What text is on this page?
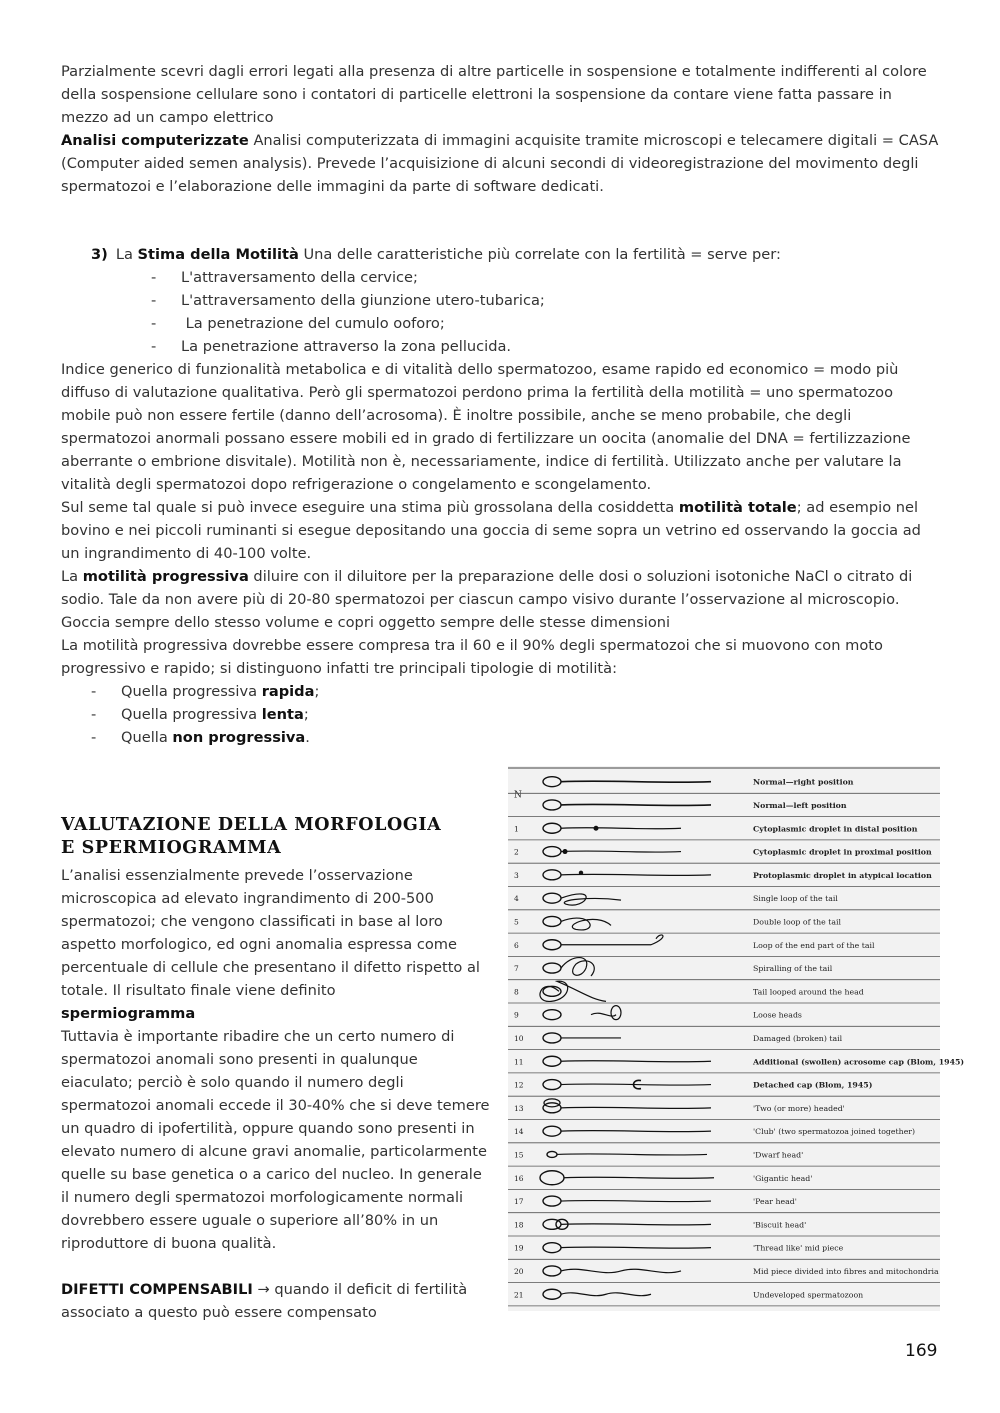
Parzialmente scevri dagli errori legati alla presenza di altre particelle in sospensione e totalmente indifferenti al colore della sospensione cellulare sono i contatori di particelle elettroni la sospensione da contare viene fatta passare in mezzo ad un campo elettrico

Analisi computerizzate Analisi computerizzata di immagini acquisite tramite microscopi e telecamere digitali = CASA (Computer aided semen analysis). Prevede l’acquisizione di alcuni secondi di videoregistrazione del movimento degli spermatozoi e l’elaborazione delle immagini da parte di software dedicati.

3) La Stima della Motilità Una delle caratteristiche più correlate con la fertilità = serve per:

- L'attraversamento della cervice;
- L'attraversamento della giunzione utero-tubarica;
- La penetrazione del cumulo ooforo;
- La penetrazione attraverso la zona pellucida.

Indice generico di funzionalità metabolica e di vitalità dello spermatozoo, esame rapido ed economico = modo più diffuso di valutazione qualitativa. Però gli spermatozoi perdono prima la fertilità della motilità = uno spermatozoo mobile può non essere fertile (danno dell’acrosoma). È inoltre possibile, anche se meno probabile, che degli spermatozoi anormali possano essere mobili ed in grado di fertilizzare un oocita (anomalie del DNA = fertilizzazione aberrante o embrione disvitale). Motilità non è, necessariamente, indice di fertilità. Utilizzato anche per valutare la vitalità degli spermatozoi dopo refrigerazione o congelamento e scongelamento.

Sul seme tal quale si può invece eseguire una stima più grossolana della cosiddetta motilità totale; ad esempio nel bovino e nei piccoli ruminanti si esegue depositando una goccia di seme sopra un vetrino ed osservando la goccia ad un ingrandimento di 40-100 volte.

La motilità progressiva diluire con il diluitore per la preparazione delle dosi o soluzioni isotoniche NaCl o citrato di sodio. Tale da non avere più di 20-80 spermatozoi per ciascun campo visivo durante l’osservazione al microscopio. Goccia sempre dello stesso volume e copri oggetto sempre delle stesse dimensioni

La motilità progressiva dovrebbe essere compresa tra il 60 e il 90% degli spermatozoi che si muovono con moto progressivo e rapido; si distinguono infatti tre principali tipologie di motilità:

- Quella progressiva rapida;
- Quella progressiva lenta;
- Quella non progressiva.
VALUTAZIONE DELLA MORFOLOGIA
E SPERMIOGRAMMA

L’analisi essenzialmente prevede l’osservazione microscopica ad elevato ingrandimento di 200-500 spermatozoi; che vengono classificati in base al loro aspetto morfologico, ed ogni anomalia espressa come percentuale di cellule che presentano il difetto rispetto al totale. Il risultato finale viene definito
spermiogramma

Tuttavia è importante ribadire che un certo numero di spermatozoi anomali sono presenti in qualunque eiaculato; perciò è solo quando il numero degli spermatozoi anomali eccede il 30-40% che si deve temere un quadro di ipofertilità, oppure quando sono presenti in elevato numero di alcune gravi anomalie, particolarmente quelle su base genetica o a carico del nucleo. In generale il numero degli spermatozoi morfologicamente normali dovrebbero essere uguale o superiore all’80% in un riproduttore di buona qualità.

DIFETTI COMPENSABILI → quando il deficit di fertilità associato a questo può essere compensato

N
Normal—right position
Normal—left position
1	Cytoplasmic droplet in distal position
2	Cytoplasmic droplet in proximal position
3	Protoplasmic droplet in atypical location
4	Single loop of the tail
5	Double loop of the tail
6	Loop of the end part of the tail
7	Spiralling of the tail
8	Tail looped around the head
9	Loose heads
10	Damaged (broken) tail
11	Additional (swollen) acrosome cap (Blom, 1945)
12	Detached cap (Blom, 1945)
13	'Two (or more) headed'
14	'Club' (two spermatozoa joined together)
15	'Dwarf head'
16	'Gigantic head'
17	'Pear head'
18	'Biscuit head'
19	'Thread like' mid piece
20	Mid piece divided into fibres and mitochondria
21	Undeveloped spermatozoon
169
